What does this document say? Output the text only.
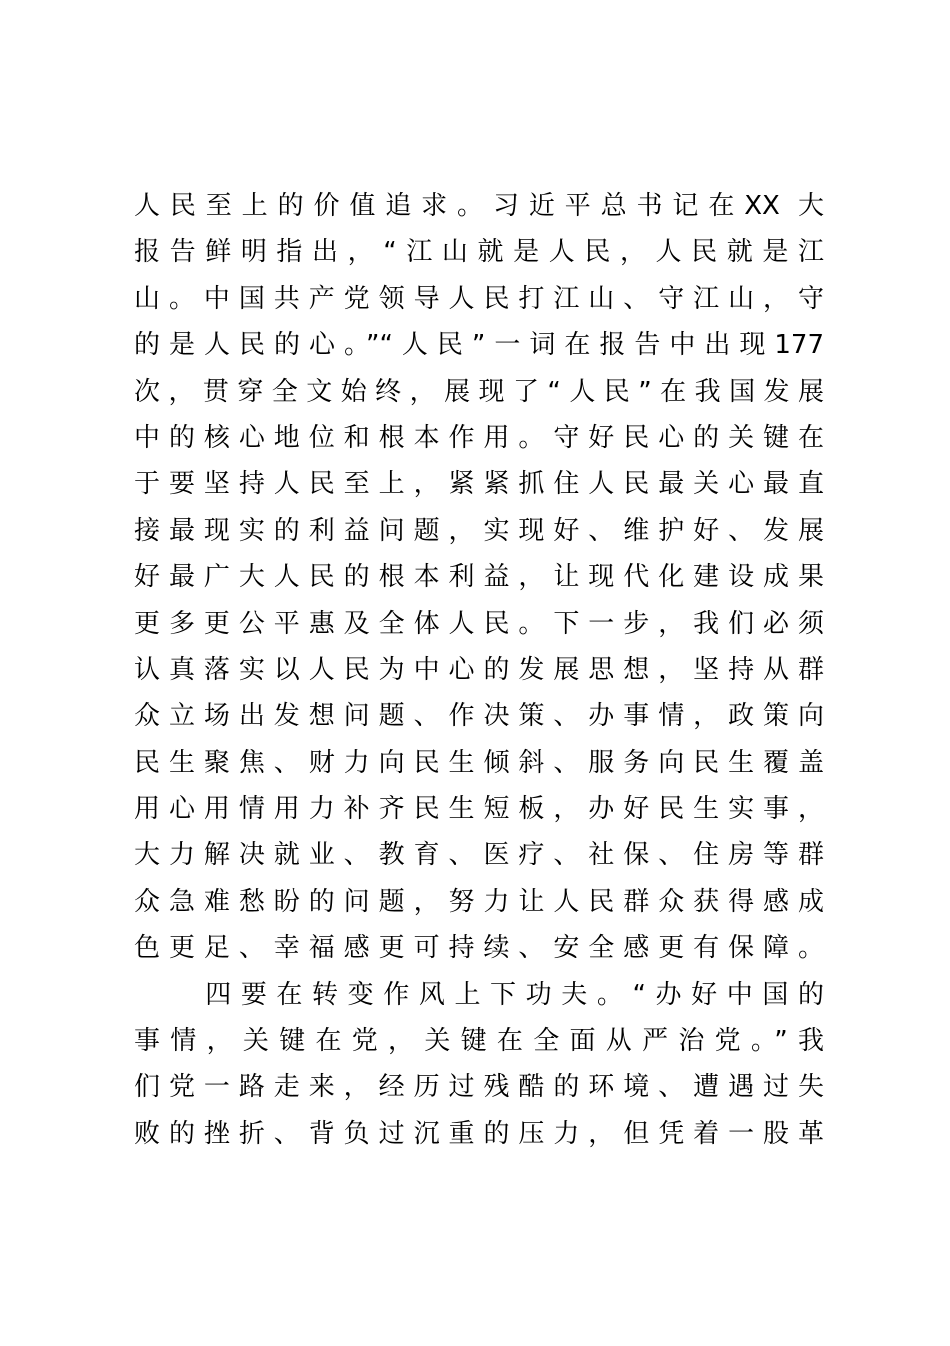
人民至上的价值追求。习近平总书记在XX 大
报告鲜明指出，“江山就是人民，人民就是江
山。中国共产党领导人民打江山、守江山，守
的是人民的心。”“人民”一词在报告中出现177
次，贯穿全文始终，展现了“人民”在我国发展
中的核心地位和根本作用。守好民心的关键在
于要坚持人民至上，紧紧抓住人民最关心最直
接最现实的利益问题，实现好、维护好、发展
好最广大人民的根本利益，让现代化建设成果
更多更公平惠及全体人民。下一步，我们必须
认真落实以人民为中心的发展思想，坚持从群
众立场出发想问题、作决策、办事情，政策向
民生聚焦、财力向民生倾斜、服务向民生覆盖
用心用情用力补齐民生短板，办好民生实事，
大力解决就业、教育、医疗、社保、住房等群
众急难愁盼的问题，努力让人民群众获得感成
色更足、幸福感更可持续、安全感更有保障。
　　四要在转变作风上下功夫。“办好中国的
事情，关键在党，关键在全面从严治党。”我
们党一路走来，经历过残酷的环境、遭遇过失
败的挫折、背负过沉重的压力，但凭着一股革
